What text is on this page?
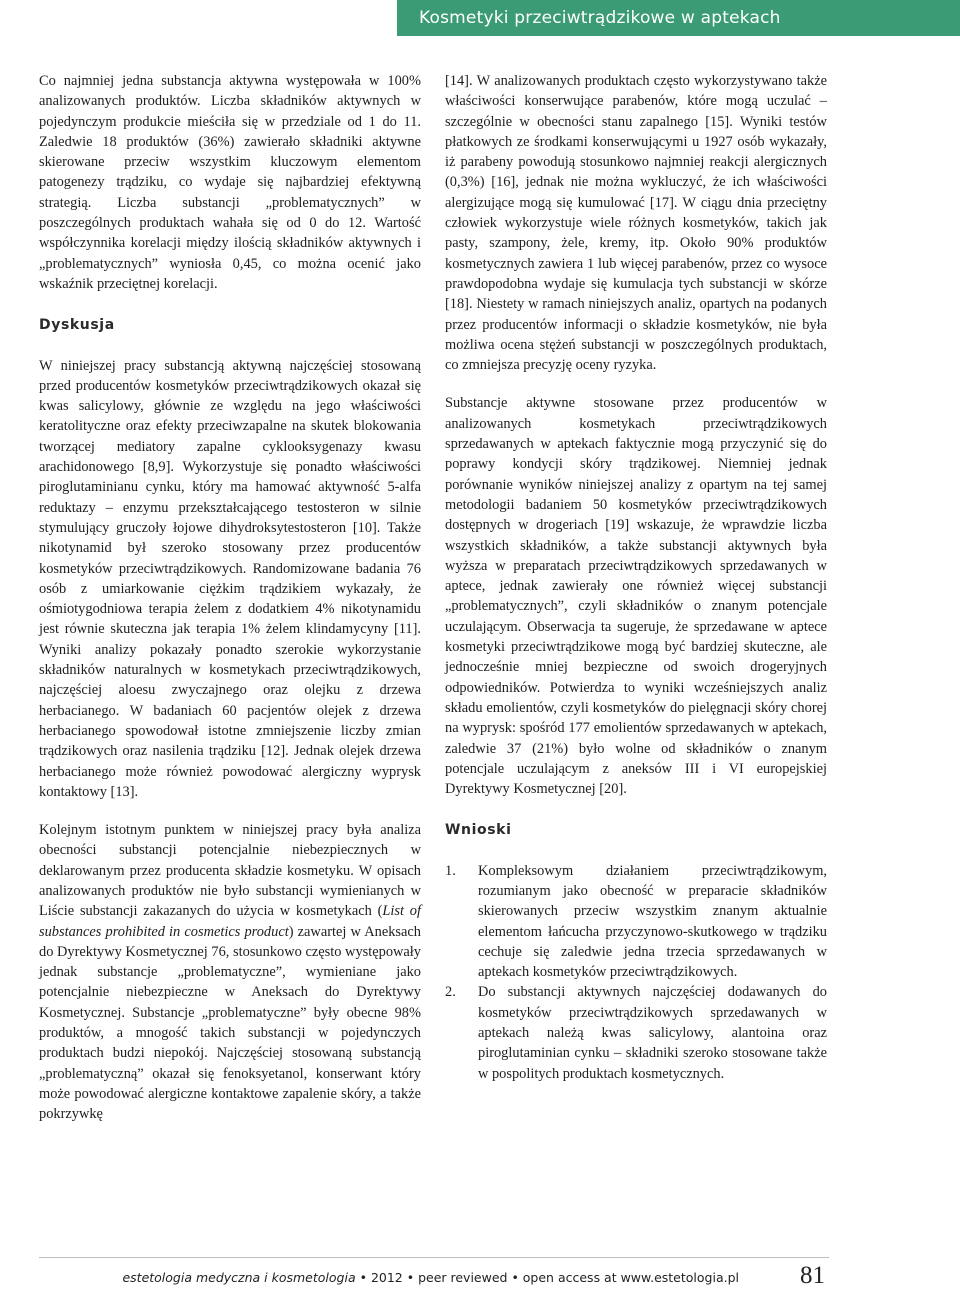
Kosmetyki przeciwtrądzikowe w aptekach

Co najmniej jedna substancja aktywna występowała w 100% analizowanych produktów. Liczba składników aktywnych w pojedynczym produkcie mieściła się w przedziale od 1 do 11. Zaledwie 18 produktów (36%) zawierało składniki aktywne skierowane przeciw wszystkim kluczowym elementom patogenezy trądziku, co wydaje się najbardziej efektywną strategią. Liczba substancji „problematycznych” w poszczególnych produktach wahała się od 0 do 12. Wartość współczynnika korelacji między ilością składników aktywnych i „problematycznych” wyniosła 0,45, co można ocenić jako wskaźnik przeciętnej korelacji.

Dyskusja

W niniejszej pracy substancją aktywną najczęściej stosowaną przed producentów kosmetyków przeciwtrądzikowych okazał się kwas salicylowy, głównie ze względu na jego właściwości keratolityczne oraz efekty przeciwzapalne na skutek blokowania tworzącej mediatory zapalne cyklooksygenazy kwasu arachidonowego [8,9]. Wykorzystuje się ponadto właściwości piroglutaminianu cynku, który ma hamować aktywność 5-alfa reduktazy – enzymu przekształcającego testosteron w silnie stymulujący gruczoły łojowe dihydroksytestosteron [10]. Także nikotynamid był szeroko stosowany przez producentów kosmetyków przeciwtrądzikowych. Randomizowane badania 76 osób z umiarkowanie ciężkim trądzikiem wykazały, że ośmiotygodniowa terapia żelem z dodatkiem 4% nikotynamidu jest równie skuteczna jak terapia 1% żelem klindamycyny [11]. Wyniki analizy pokazały ponadto szerokie wykorzystanie składników naturalnych w kosmetykach przeciwtrądzikowych, najczęściej aloesu zwyczajnego oraz olejku z drzewa herbacianego. W badaniach 60 pacjentów olejek z drzewa herbacianego spowodował istotne zmniejszenie liczby zmian trądzikowych oraz nasilenia trądziku [12]. Jednak olejek drzewa herbacianego może również powodować alergiczny wyprysk kontaktowy [13].

Kolejnym istotnym punktem w niniejszej pracy była analiza obecności substancji potencjalnie niebezpiecznych w deklarowanym przez producenta składzie kosmetyku. W opisach analizowanych produktów nie było substancji wymienianych w Liście substancji zakazanych do użycia w kosmetykach (List of substances prohibited in cosmetics product) zawartej w Aneksach do Dyrektywy Kosmetycznej 76, stosunkowo często występowały jednak substancje „problematyczne”, wymieniane jako potencjalnie niebezpieczne w Aneksach do Dyrektywy Kosmetycznej. Substancje „problematyczne” były obecne 98% produktów, a mnogość takich substancji w pojedynczych produktach budzi niepokój. Najczęściej stosowaną substancją „problematyczną” okazał się fenoksyetanol, konserwant który może powodować alergiczne kontaktowe zapalenie skóry, a także pokrzywkę

[14]. W analizowanych produktach często wykorzystywano także właściwości konserwujące parabenów, które mogą uczulać – szczególnie w obecności stanu zapalnego [15]. Wyniki testów płatkowych ze środkami konserwującymi u 1927 osób wykazały, iż parabeny powodują stosunkowo najmniej reakcji alergicznych (0,3%) [16], jednak nie można wykluczyć, że ich właściwości alergizujące mogą się kumulować [17]. W ciągu dnia przeciętny człowiek wykorzystuje wiele różnych kosmetyków, takich jak pasty, szampony, żele, kremy, itp. Około 90% produktów kosmetycznych zawiera 1 lub więcej parabenów, przez co wysoce prawdopodobna wydaje się kumulacja tych substancji w skórze [18]. Niestety w ramach niniejszych analiz, opartych na podanych przez producentów informacji o składzie kosmetyków, nie była możliwa ocena stężeń substancji w poszczególnych produktach, co zmniejsza precyzję oceny ryzyka.

Substancje aktywne stosowane przez producentów w analizowanych kosmetykach przeciwtrądzikowych sprzedawanych w aptekach faktycznie mogą przyczynić się do poprawy kondycji skóry trądzikowej. Niemniej jednak porównanie wyników niniejszej analizy z opartym na tej samej metodologii badaniem 50 kosmetyków przeciwtrądzikowych dostępnych w drogeriach [19] wskazuje, że wprawdzie liczba wszystkich składników, a także substancji aktywnych była wyższa w preparatach przeciwtrądzikowych sprzedawanych w aptece, jednak zawierały one również więcej substancji „problematycznych”, czyli składników o znanym potencjale uczulającym. Obserwacja ta sugeruje, że sprzedawane w aptece kosmetyki przeciwtrądzikowe mogą być bardziej skuteczne, ale jednocześnie mniej bezpieczne od swoich drogeryjnych odpowiedników. Potwierdza to wyniki wcześniejszych analiz składu emolientów, czyli kosmetyków do pielęgnacji skóry chorej na wyprysk: spośród 177 emolientów sprzedawanych w aptekach, zaledwie 37 (21%) było wolne od składników o znanym potencjale uczulającym z aneksów III i VI europejskiej Dyrektywy Kosmetycznej [20].

Wnioski
1.	Kompleksowym działaniem przeciwtrądzikowym, rozumianym jako obecność w preparacie składników skierowanych przeciw wszystkim znanym aktualnie elementom łańcucha przyczynowo-skutkowego w trądziku cechuje się zaledwie jedna trzecia sprzedawanych w aptekach kosmetyków przeciwtrądzikowych.
2.	Do substancji aktywnych najczęściej dodawanych do kosmetyków przeciwtrądzikowych sprzedawanych w aptekach należą kwas salicylowy, alantoina oraz piroglutaminian cynku – składniki szeroko stosowane także w pospolitych produktach kosmetycznych.
estetologia medyczna i kosmetologia • 2012 • peer reviewed • open access at www.estetologia.pl 81
